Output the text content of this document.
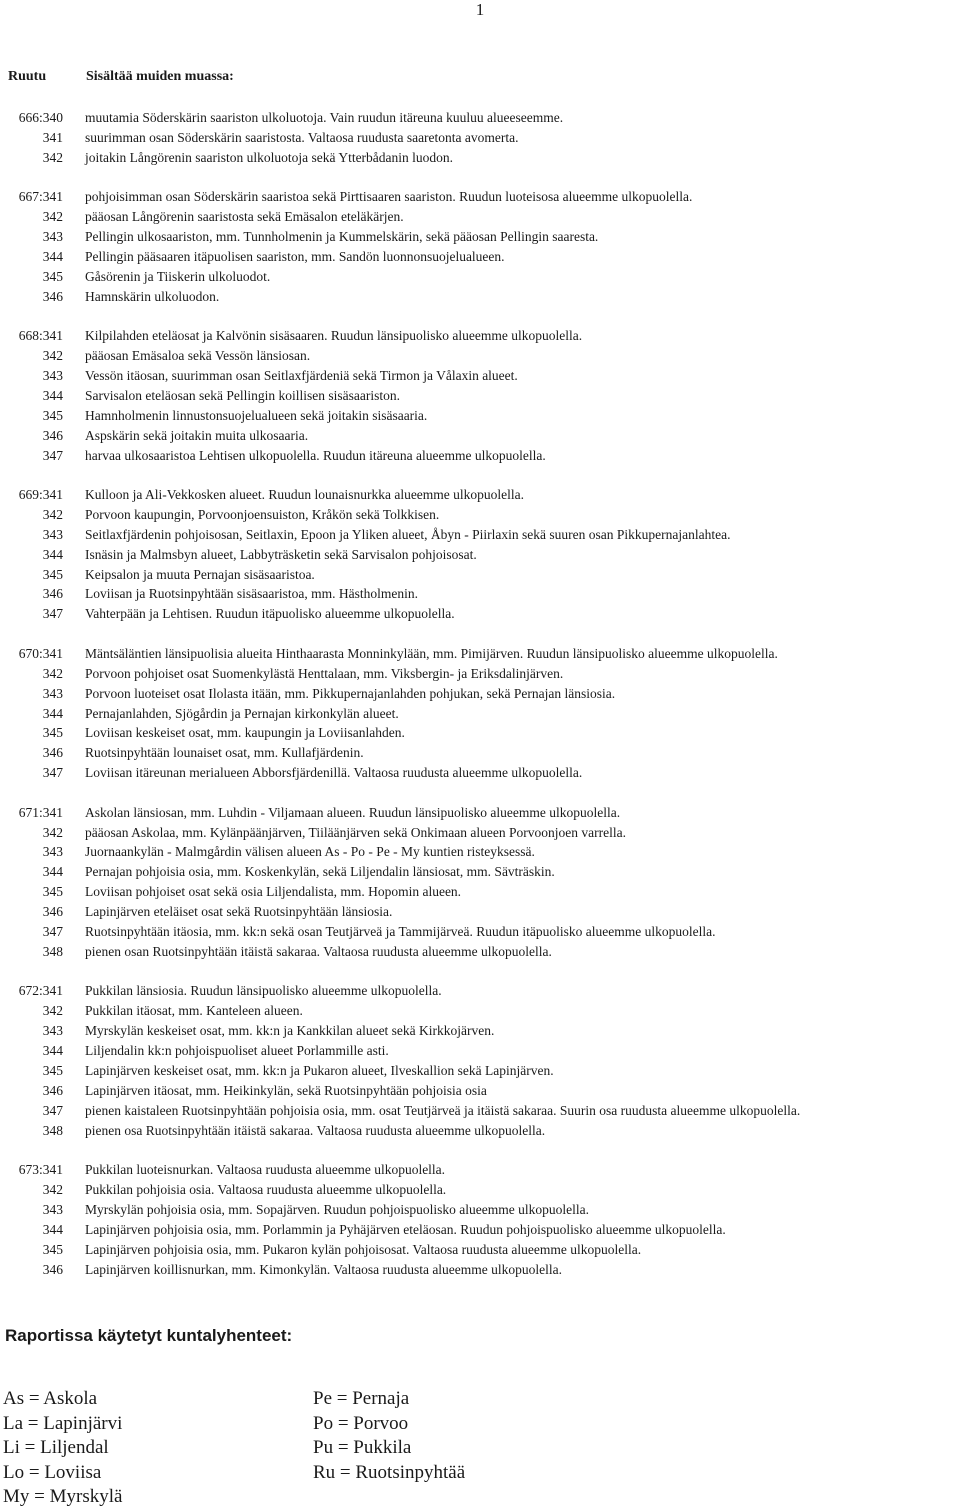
1
Ruutu	Sisältää muiden muassa:
666:340 muutamia Söderskärin saariston ulkoluotoja. Vain ruudun itäreuna kuuluu alueeseemme.
341 suurimman osan Söderskärin saaristosta. Valtaosa ruudusta saaretonta avomerta.
342 joitakin Långörenin saariston ulkoluotoja sekä Ytterbådanin luodon.
667:341 pohjoisimman osan Söderskärin saaristoa sekä Pirttisaaren saariston. Ruudun luoteisosa alueemme ulkopuolella.
342 pääosan Långörenin saaristosta sekä Emäsalon eteläkärjen.
343 Pellingin ulkosaariston, mm. Tunnholmenin ja Kummelskärin, sekä pääosan Pellingin saaresta.
344 Pellingin pääsaaren itäpuolisen saariston, mm. Sandön luonnonsuojelualueen.
345 Gåsörenin ja Tiiskerin ulkoluodot.
346 Hamnskärin ulkoluodon.
668:341 Kilpilahden eteläosat ja Kalvönin sisäsaaren. Ruudun länsipuolisko alueemme ulkopuolella.
342 pääosan Emäsaloa sekä Vessön länsiosan.
343 Vessön itäosan, suurimman osan Seitlaxfjärdeniä sekä Tirmon ja Vålaxin alueet.
344 Sarvisalon eteläosan sekä Pellingin koillisen sisäsaariston.
345 Hamnholmenin linnustonsuojelualueen sekä joitakin sisäsaaria.
346 Aspskärin sekä joitakin muita ulkosaaria.
347 harvaa ulkosaaristoa Lehtisen ulkopuolella. Ruudun itäreuna alueemme ulkopuolella.
669:341 Kulloon ja Ali-Vekkosken alueet. Ruudun lounaisnurkka alueemme ulkopuolella.
342 Porvoon kaupungin, Porvoonjoensuiston, Kråkön sekä Tolkkisen.
343 Seitlaxfjärdenin pohjoisosan, Seitlaxin, Epoon ja Yliken alueet, Åbyn - Piirlaxin sekä suuren osan Pikkupernajanlahtea.
344 Isnäsin ja Malmsbyn alueet, Labbyträsketin sekä Sarvisalon pohjoisosat.
345 Keipsalon ja muuta Pernajan sisäsaaristoa.
346 Loviisan ja Ruotsinpyhtään sisäsaaristoa, mm. Hästholmenin.
347 Vahterpään ja Lehtisen. Ruudun itäpuolisko alueemme ulkopuolella.
670:341 Mäntsäläntien länsipuolisia alueita Hinthaarasta Monninkylään, mm. Pimijärven. Ruudun länsipuolisko alueemme ulkopuolella.
342 Porvoon pohjoiset osat Suomenkylästä Henttalaan, mm. Viksbergin- ja Eriksdalinjärven.
343 Porvoon luoteiset osat Ilolasta itään, mm. Pikkupernajanlahden pohjukan, sekä Pernajan länsiosia.
344 Pernajanlahden, Sjögårdin ja Pernajan kirkonkylän alueet.
345 Loviisan keskeiset osat, mm. kaupungin ja Loviisanlahden.
346 Ruotsinpyhtään lounaiset osat, mm. Kullafjärdenin.
347 Loviisan itäreunan merialueen Abborsfjärdenillä. Valtaosa ruudusta alueemme ulkopuolella.
671:341 Askolan länsiosan, mm. Luhdin - Viljamaan alueen. Ruudun länsipuolisko alueemme ulkopuolella.
342 pääosan Askolaa, mm. Kylänpäänjärven, Tiiläänjärven sekä Onkimaan alueen Porvoonjoen varrella.
343 Juornaankylän - Malmgårdin välisen alueen As - Po - Pe - My kuntien risteyksessä.
344 Pernajan pohjoisia osia, mm. Koskenkylän, sekä Liljendalin länsiosat, mm. Sävträskin.
345 Loviisan pohjoiset osat sekä osia Liljendalista, mm. Hopomin alueen.
346 Lapinjärven eteläiset osat sekä Ruotsinpyhtään länsiosia.
347 Ruotsinpyhtään itäosia, mm. kk:n sekä osan Teutjärveä ja Tammijärveä. Ruudun itäpuolisko alueemme ulkopuolella.
348 pienen osan Ruotsinpyhtään itäistä sakaraa. Valtaosa ruudusta alueemme ulkopuolella.
672:341 Pukkilan länsiosia. Ruudun länsipuolisko alueemme ulkopuolella.
342 Pukkilan itäosat, mm. Kanteleen alueen.
343 Myrskylän keskeiset osat, mm. kk:n ja Kankkilan alueet sekä Kirkkojärven.
344 Liljendalin kk:n pohjoispuoliset alueet Porlammille asti.
345 Lapinjärven keskeiset osat, mm. kk:n ja Pukaron alueet, Ilveskallion sekä Lapinjärven.
346 Lapinjärven itäosat, mm. Heikinkylän, sekä Ruotsinpyhtään pohjoisia osia
347 pienen kaistaleen Ruotsinpyhtään pohjoisia osia, mm. osat Teutjärveä ja itäistä sakaraa. Suurin osa ruudusta alueemme ulkopuolella.
348 pienen osa Ruotsinpyhtään itäistä sakaraa. Valtaosa ruudusta alueemme ulkopuolella.
673:341 Pukkilan luoteisnurkan. Valtaosa ruudusta alueemme ulkopuolella.
342 Pukkilan pohjoisia osia. Valtaosa ruudusta alueemme ulkopuolella.
343 Myrskylän pohjoisia osia, mm. Sopajärven. Ruudun pohjoispuolisko alueemme ulkopuolella.
344 Lapinjärven pohjoisia osia, mm. Porlammin ja Pyhäjärven eteläosan. Ruudun pohjoispuolisko alueemme ulkopuolella.
345 Lapinjärven pohjoisia osia, mm. Pukaron kylän pohjoisosat. Valtaosa ruudusta alueemme ulkopuolella.
346 Lapinjärven koillisnurkan, mm. Kimonkylän. Valtaosa ruudusta alueemme ulkopuolella.
Raportissa käytetyt kuntalyhenteet:
As = Askola
La = Lapinjärvi
Li = Liljendal
Lo = Loviisa
My = Myrskylä
Pe = Pernaja
Po = Porvoo
Pu = Pukkila
Ru = Ruotsinpyhtää
